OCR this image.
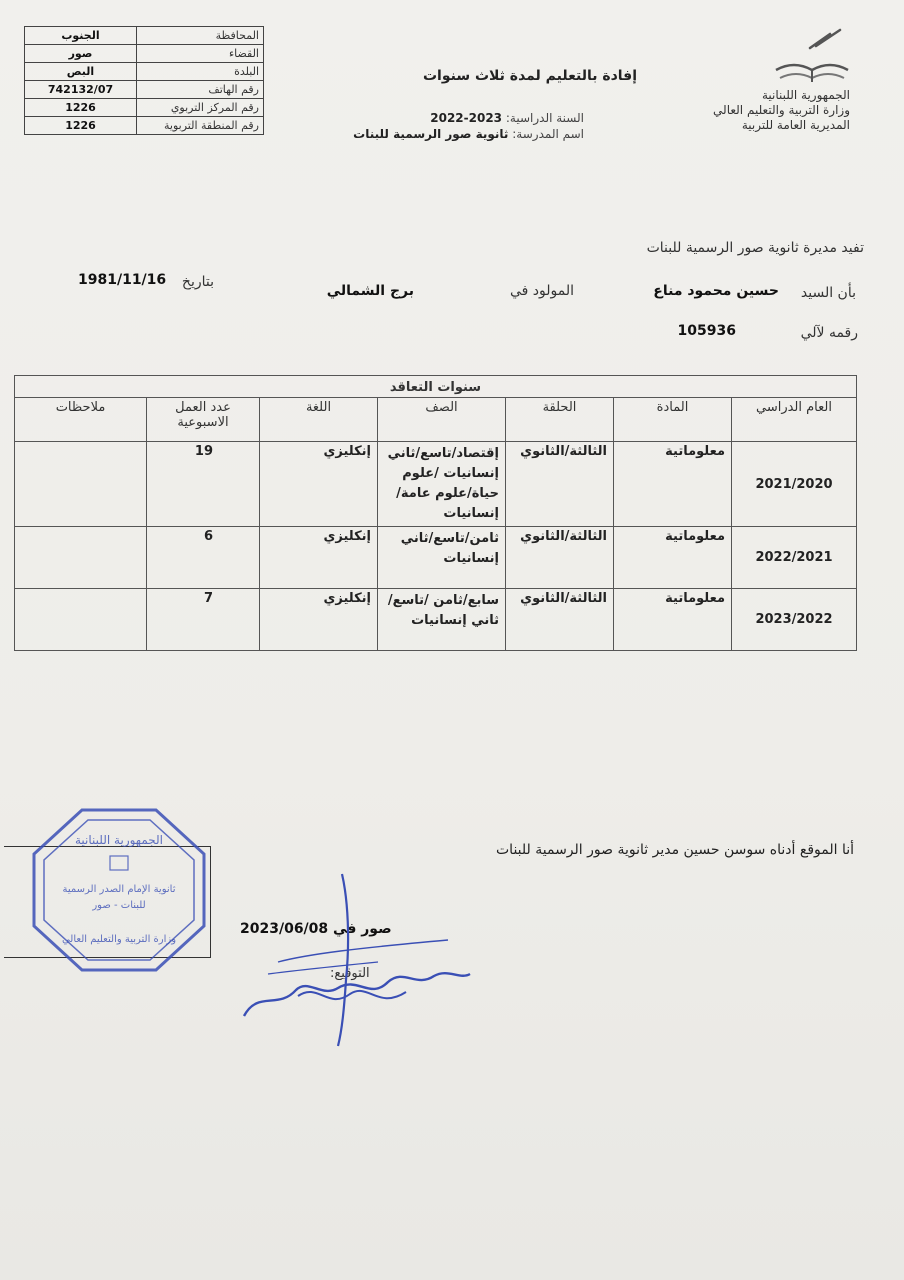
الجنوب	المحافظة
صور	القضاء
البص	البلدة
742132/07	رقم الهاتف
1226	رقم المركز التربوي
1226	رقم المنطقة التربوية
الجمهورية اللبنانية
وزارة التربية والتعليم العالي
المديرية العامة للتربية
إفادة بالتعليم لمدة ثلاث سنوات
السنة الدراسية: 2022-2023
اسم المدرسة: ثانوية صور الرسمية للبنات
تفيد مديرة ثانوية صور الرسمية للبنات
بأن السيد
حسين محمود مناع
المولود في
برج الشمالي
بتاريخ
1981/11/16
رقمه لآلي
105936
سنوات التعاقد						
العام الدراسي	المادة	الحلقة	الصف	اللغة	عدد العمل الاسبوعية	ملاحظات
2021/2020	معلوماتية	الثالثة/الثانوي	إقتصاد/تاسع/ثاني إنسانيات /علوم حياة/علوم عامة/إنسانيات	إنكليزي	19	
2022/2021	معلوماتية	الثالثة/الثانوي	ثامن/تاسع/ثاني إنسانيات	إنكليزي	6	
2023/2022	معلوماتية	الثالثة/الثانوي	سابع/ثامن /تاسع/ثاني إنسانيات	إنكليزي	7	
أنا الموقع أدناه سوسن حسين مدير ثانوية صور الرسمية للبنات
صور في 2023/06/08
التوقيع:
الجمهورية اللبنانية
ثانوية الإمام الصدر الرسمية
للبنات - صور
وزارة التربية والتعليم العالي
